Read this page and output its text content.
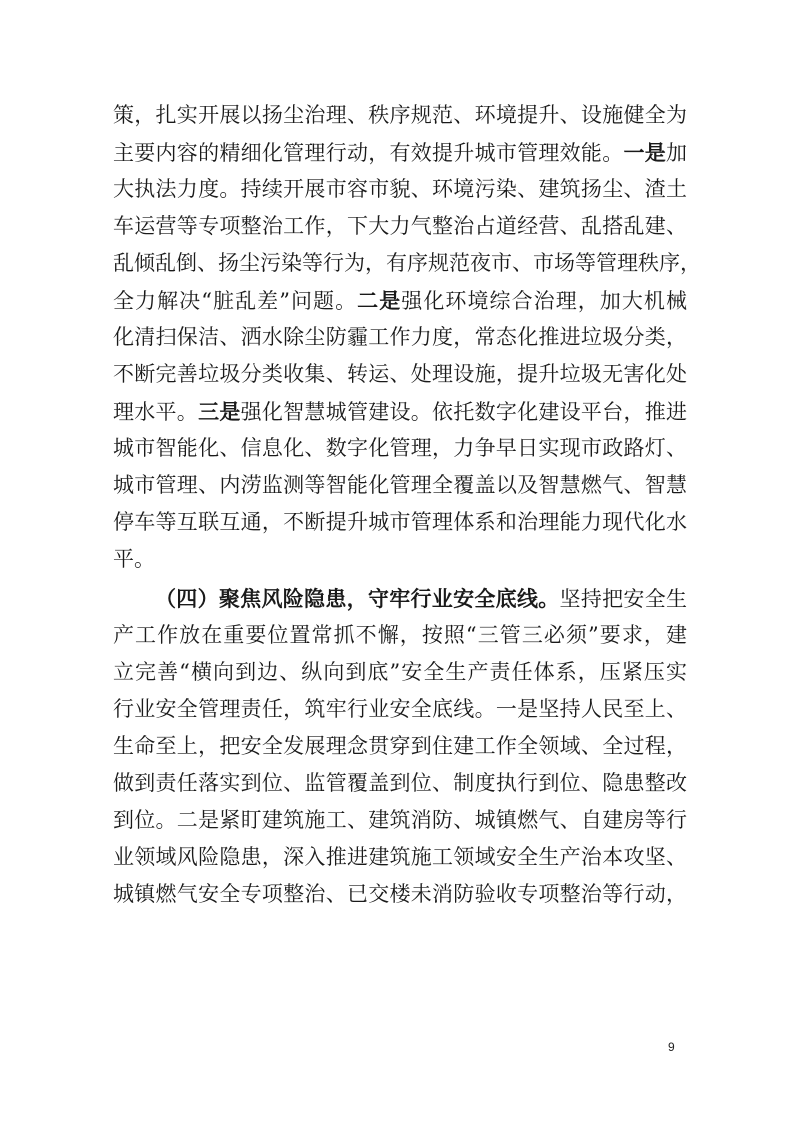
策，扎实开展以扬尘治理、秩序规范、环境提升、设施健全为
主要内容的精细化管理行动，有效提升城市管理效能。一是加
大执法力度。持续开展市容市貌、环境污染、建筑扬尘、渣土
车运营等专项整治工作，下大力气整治占道经营、乱搭乱建、
乱倾乱倒、扬尘污染等行为，有序规范夜市、市场等管理秩序，
全力解决“脏乱差”问题。二是强化环境综合治理，加大机械
化清扫保洁、洒水除尘防霾工作力度，常态化推进垃圾分类，
不断完善垃圾分类收集、转运、处理设施，提升垃圾无害化处
理水平。三是强化智慧城管建设。依托数字化建设平台，推进
城市智能化、信息化、数字化管理，力争早日实现市政路灯、
城市管理、内涝监测等智能化管理全覆盖以及智慧燃气、智慧
停车等互联互通，不断提升城市管理体系和治理能力现代化水
平。
（四）聚焦风险隐患，守牢行业安全底线。坚持把安全生
产工作放在重要位置常抓不懈，按照“三管三必须”要求，建
立完善“横向到边、纵向到底”安全生产责任体系，压紧压实
行业安全管理责任，筑牢行业安全底线。一是坚持人民至上、
生命至上，把安全发展理念贯穿到住建工作全领域、全过程，
做到责任落实到位、监管覆盖到位、制度执行到位、隐患整改
到位。二是紧盯建筑施工、建筑消防、城镇燃气、自建房等行
业领域风险隐患，深入推进建筑施工领域安全生产治本攻坚、
城镇燃气安全专项整治、已交楼未消防验收专项整治等行动，
9
